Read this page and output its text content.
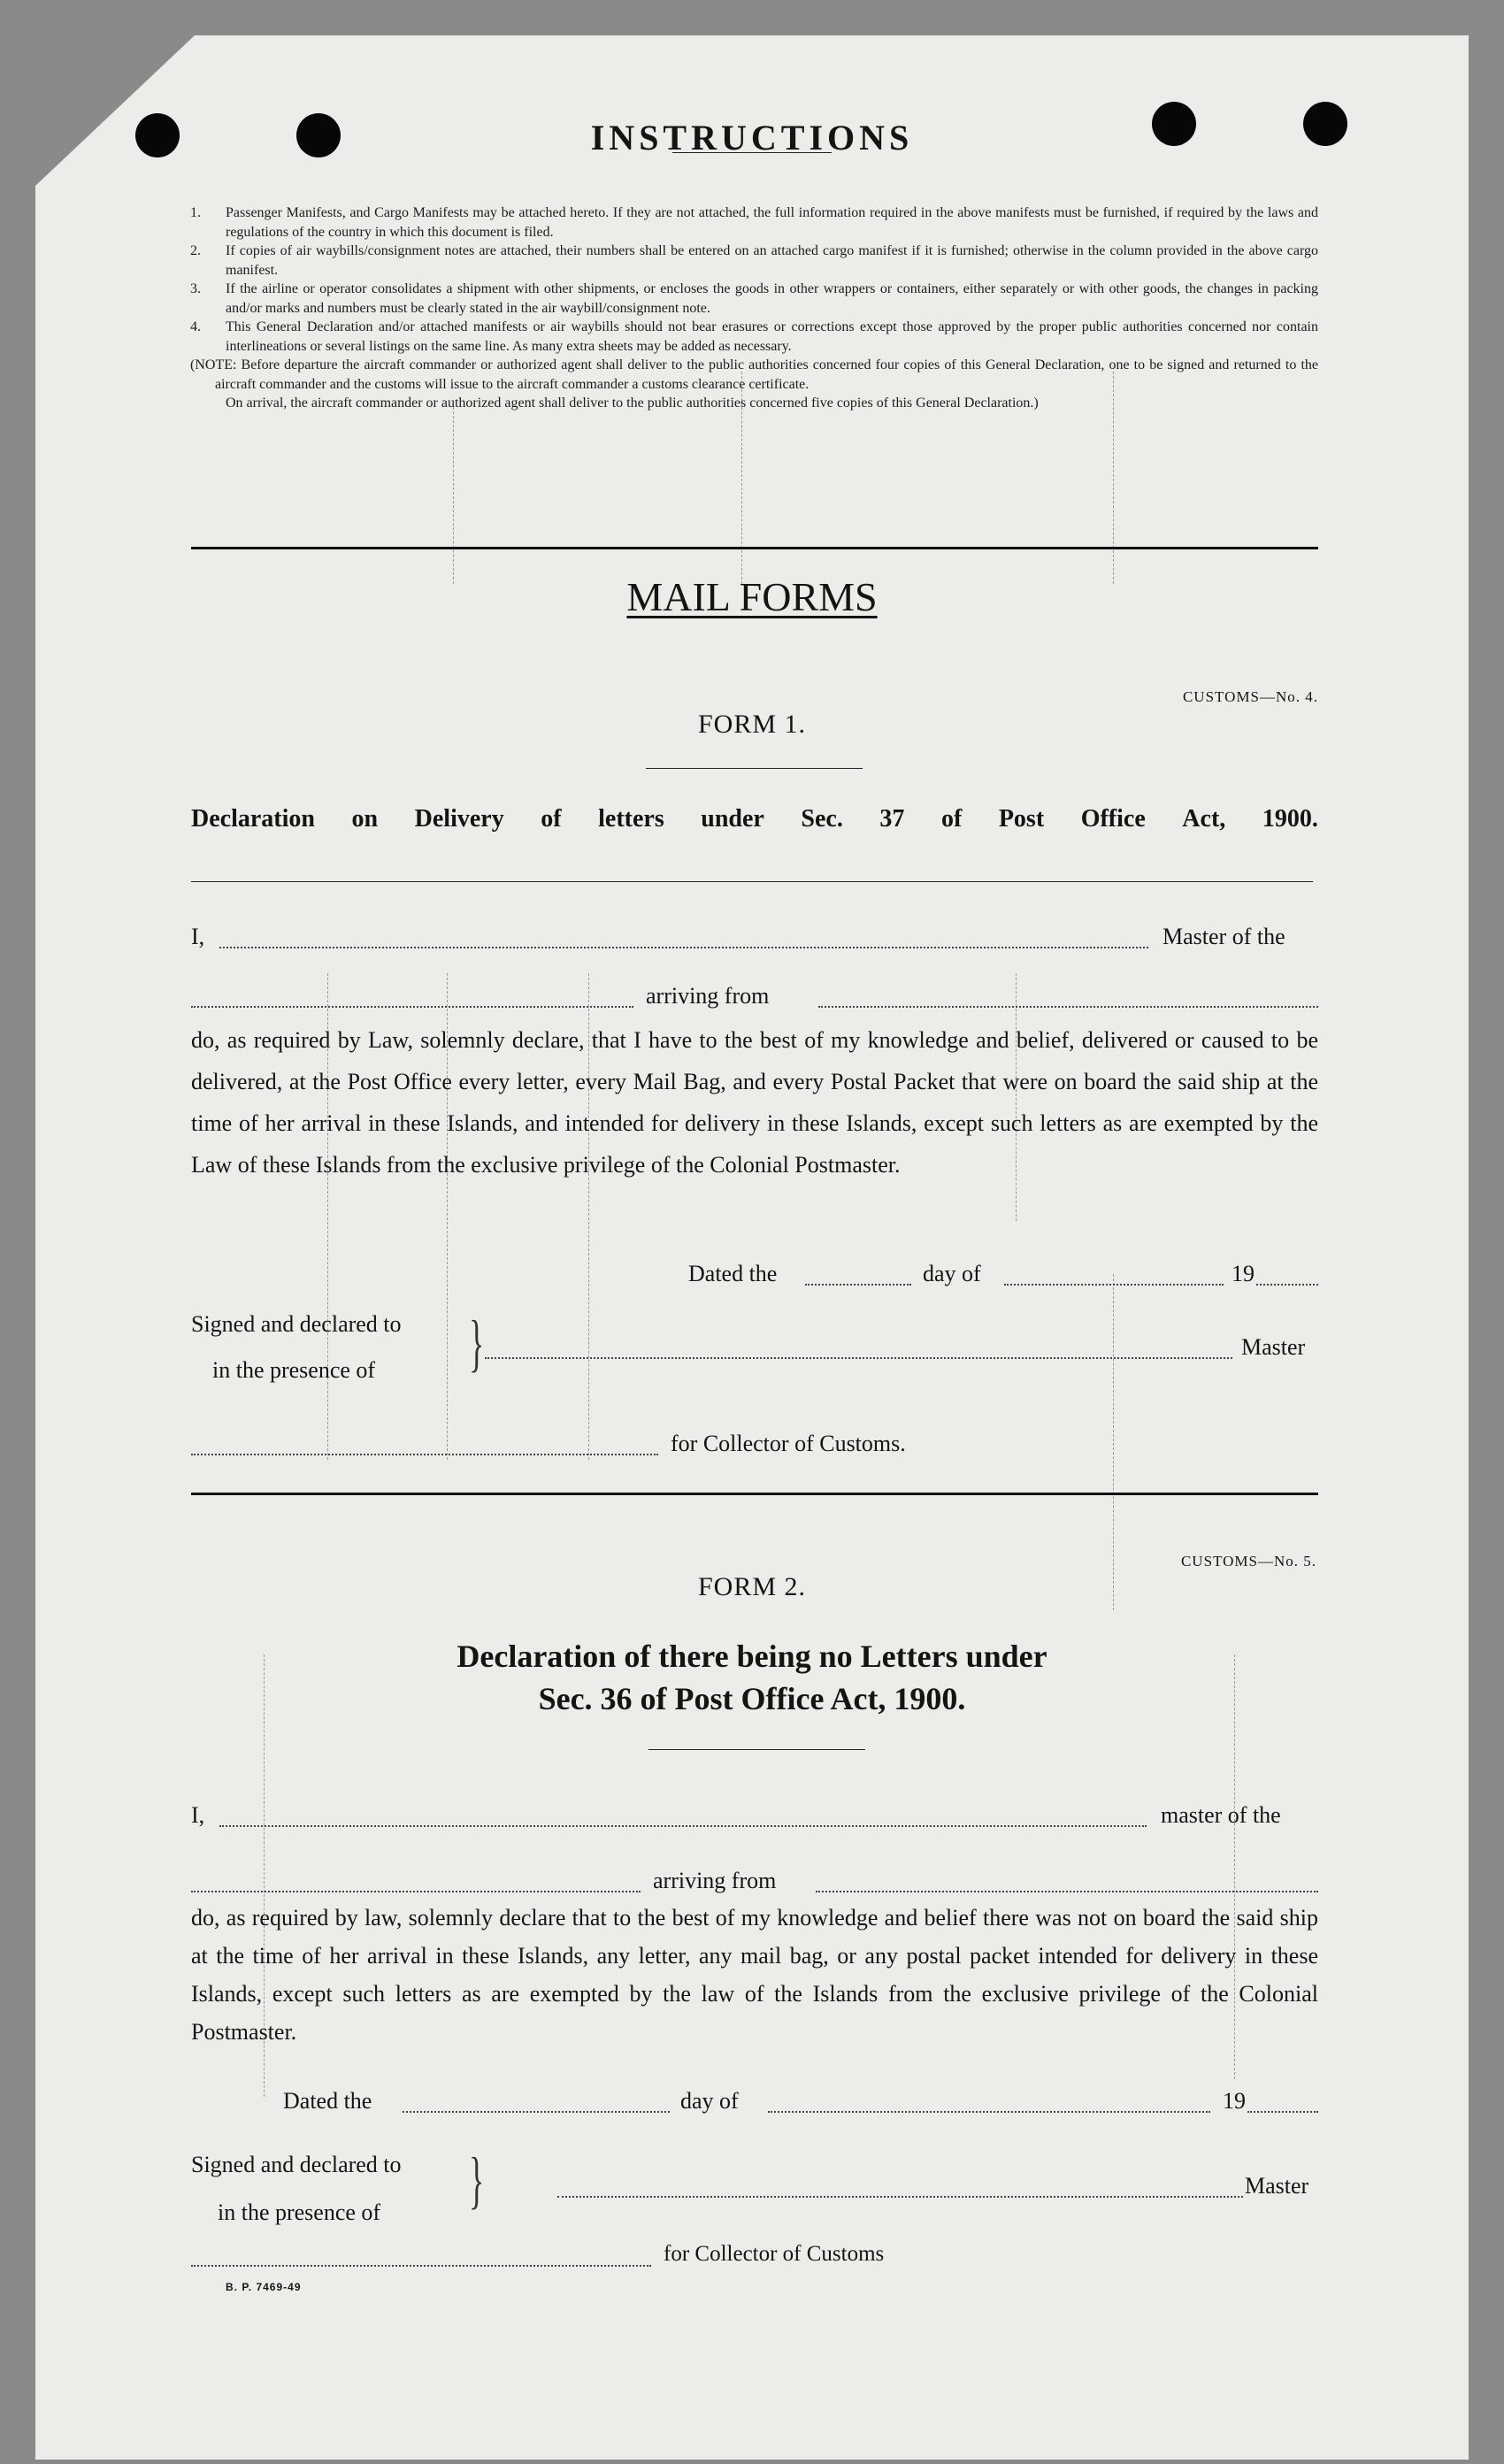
INSTRUCTIONS

1. Passenger Manifests, and Cargo Manifests may be attached hereto. If they are not attached, the full information required in the above manifests must be furnished, if required by the laws and regulations of the country in which this document is filed.

2. If copies of air waybills/consignment notes are attached, their numbers shall be entered on an attached cargo manifest if it is furnished; otherwise in the column provided in the above cargo manifest.

3. If the airline or operator consolidates a shipment with other shipments, or encloses the goods in other wrappers or containers, either separately or with other goods, the changes in packing and/or marks and numbers must be clearly stated in the air waybill/consignment note.

4. This General Declaration and/or attached manifests or air waybills should not bear erasures or corrections except those approved by the proper public authorities concerned nor contain interlineations or several listings on the same line. As many extra sheets may be added as necessary.

(NOTE: Before departure the aircraft commander or authorized agent shall deliver to the public authorities concerned four copies of this General Declaration, one to be signed and returned to the aircraft commander and the customs will issue to the aircraft commander a customs clearance certificate.

On arrival, the aircraft commander or authorized agent shall deliver to the public authorities concerned five copies of this General Declaration.)

MAIL FORMS
CUSTOMS—No. 4.
FORM 1.
Declaration on Delivery of letters under Sec. 37 of Post Office Act, 1900.
I,	Master of the
arriving from
do, as required by Law, solemnly declare, that I have to the best of my knowledge and belief, delivered or caused to be delivered, at the Post Office every letter, every Mail Bag, and every Postal Packet that were on board the said ship at the time of her arrival in these Islands, and intended for delivery in these Islands, except such letters as are exempted by the Law of these Islands from the exclusive privilege of the Colonial Postmaster.
Dated the	day of	19
Signed and declared to
in the presence of }	Master
for Collector of Customs.
CUSTOMS—No. 5.
FORM 2.
Declaration of there being no Letters under
Sec. 36 of Post Office Act, 1900.
I,	master of the
arriving from
do, as required by law, solemnly declare that to the best of my knowledge and belief there was not on board the said ship at the time of her arrival in these Islands, any letter, any mail bag, or any postal packet intended for delivery in these Islands, except such letters as are exempted by the law of the Islands from the exclusive privilege of the Colonial Postmaster.
Dated the	day of	19
Signed and declared to
in the presence of }	Master
for Collector of Customs
B. P. 7469-49
